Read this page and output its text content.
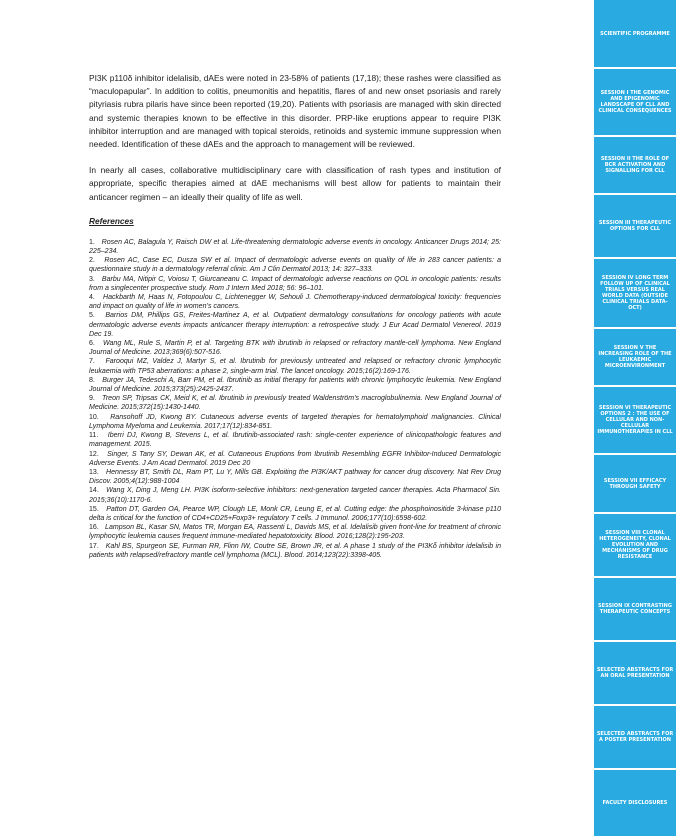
PI3K p110δ inhibitor idelalisib, dAEs were noted in 23-58% of patients (17,18); these rashes were classified as “maculopapular”. In addition to colitis, pneumonitis and hepatitis, flares of and new onset psoriasis and rarely pityriasis rubra pilaris have since been reported (19,20). Patients with psoriasis are managed with skin directed and systemic therapies known to be effective in this disorder. PRP-like eruptions appear to require PI3K inhibitor interruption and are managed with topical steroids, retinoids and systemic immune suppression when needed. Identification of these dAEs and the approach to management will be reviewed.

In nearly all cases, collaborative multidisciplinary care with classification of rash types and institution of appropriate, specific therapies aimed at dAE mechanisms will best allow for patients to maintain their anticancer regimen – an ideally their quality of life as well.

References

1. Rosen AC, Balagula Y, Raisch DW et al. Life-threatening dermatologic adverse events in oncology. Anticancer Drugs 2014; 25: 225–234.

2. Rosen AC, Case EC, Dusza SW et al. Impact of dermatologic adverse events on quality of life in 283 cancer patients: a questionnaire study in a dermatology referral clinic. Am J Clin Dermatol 2013; 14: 327–333.

3. Barbu MA, Nitipir C, Voiosu T, Giurcaneanu C. Impact of dermatologic adverse reactions on QOL in oncologic patients: results from a singlecenter prospective study. Rom J Intern Med 2018; 56: 96–101.

4. Hackbarth M, Haas N, Fotopoulou C, Lichtenegger W, Sehouli J. Chemotherapy-induced dermatological toxicity: frequencies and impact on quality of life in women’s cancers.

5. Barrios DM, Phillips GS, Freites-Martinez A, et al. Outpatient dermatology consultations for oncology patients with acute dermatologic adverse events impacts anticancer therapy interruption: a retrospective study. J Eur Acad Dermatol Venereol. 2019 Dec 19.

6. Wang ML, Rule S, Martin P, et al. Targeting BTK with ibrutinib in relapsed or refractory mantle-cell lymphoma. New England Journal of Medicine. 2013;369(6):507-516.

7. Farooqui MZ, Valdez J, Martyr S, et al. Ibrutinib for previously untreated and relapsed or refractory chronic lymphocytic leukaemia with TP53 aberrations: a phase 2, single-arm trial. The lancet oncology. 2015;16(2):169-176.

8. Burger JA, Tedeschi A, Barr PM, et al. Ibrutinib as initial therapy for patients with chronic lymphocytic leukemia. New England Journal of Medicine. 2015;373(25):2425-2437.

9. Treon SP, Tripsas CK, Meid K, et al. Ibrutinib in previously treated Waldenström’s macroglobulinemia. New England Journal of Medicine. 2015;372(15):1430-1440.

10. Ransohoff JD, Kwong BY. Cutaneous adverse events of targeted therapies for hematolymphoid malignancies. Clinical Lymphoma Myeloma and Leukemia. 2017;17(12):834-851.

11. Iberri DJ, Kwong B, Stevens L, et al. Ibrutinib-associated rash: single-center experience of clinicopathologic features and management. 2015.

12. Singer, S Tany SY, Dewan AK, et al. Cutaneous Eruptions from Ibrutinib Resembling EGFR Inhibitor-Induced Dermatologic Adverse Events. J Am Acad Dermatol. 2019 Dec 20

13. Hennessy BT, Smith DL, Ram PT, Lu Y, Mills GB. Exploiting the PI3K/AKT pathway for cancer drug discovery. Nat Rev Drug Discov. 2005;4(12):988-1004

14. Wang X, Ding J, Meng LH. PI3K isoform-selective inhibitors: next-generation targeted cancer therapies. Acta Pharmacol Sin. 2015;36(10):1170-6.

15. Patton DT, Garden OA, Pearce WP, Clough LE, Monk CR, Leung E, et al. Cutting edge: the phosphoinositide 3-kinase p110 delta is critical for the function of CD4+CD25+Foxp3+ regulatory T cells. J Immunol. 2006;177(10):6598-602.

16. Lampson BL, Kasar SN, Matos TR, Morgan EA, Rassenti L, Davids MS, et al. Idelalisib given front-line for treatment of chronic lymphocytic leukemia causes frequent immune-mediated hepatotoxicity. Blood. 2016;128(2):195-203.

17. Kahl BS, Spurgeon SE, Furman RR, Flinn IW, Coutre SE, Brown JR, et al. A phase 1 study of the PI3Kδ inhibitor idelalisib in patients with relapsed/refractory mantle cell lymphoma (MCL). Blood. 2014;123(22):3398-405.

SCIENTIFIC PROGRAMME
SESSION I THE GENOMIC AND EPIGENOMIC LANDSCAPE OF CLL AND CLINICAL CONSEQUENCES
SESSION II THE ROLE OF BCR ACTIVATION AND SIGNALLING FOR CLL
SESSION III THERAPEUTIC OPTIONS FOR CLL
SESSION IV LONG TERM FOLLOW UP OF CLINICAL TRIALS VERSUS REAL WORLD DATA (OUTSIDE CLINICAL TRIALS DATA-OCT)
SESSION V THE INCREASING ROLE OF THE LEUKAEMIC MICROENVIRONMENT
SESSION VI THERAPEUTIC OPTIONS 2 : THE USE OF CELLULAR AND NON-CELLULAR IMMUNOTHERAPIES IN CLL
SESSION VII EFFICACY THROUGH SAFETY
SESSION VIII CLONAL HETEROGENEITY, CLONAL EVOLUTION AND MECHANISMS OF DRUG RESISTANCE
SESSION IX CONTRASTING THERAPEUTIC CONCEPTS
SELECTED ABSTRACTS FOR AN ORAL PRESENTATION
SELECTED ABSTRACTS FOR A POSTER PRESENTATION
FACULTY DISCLOSURES
